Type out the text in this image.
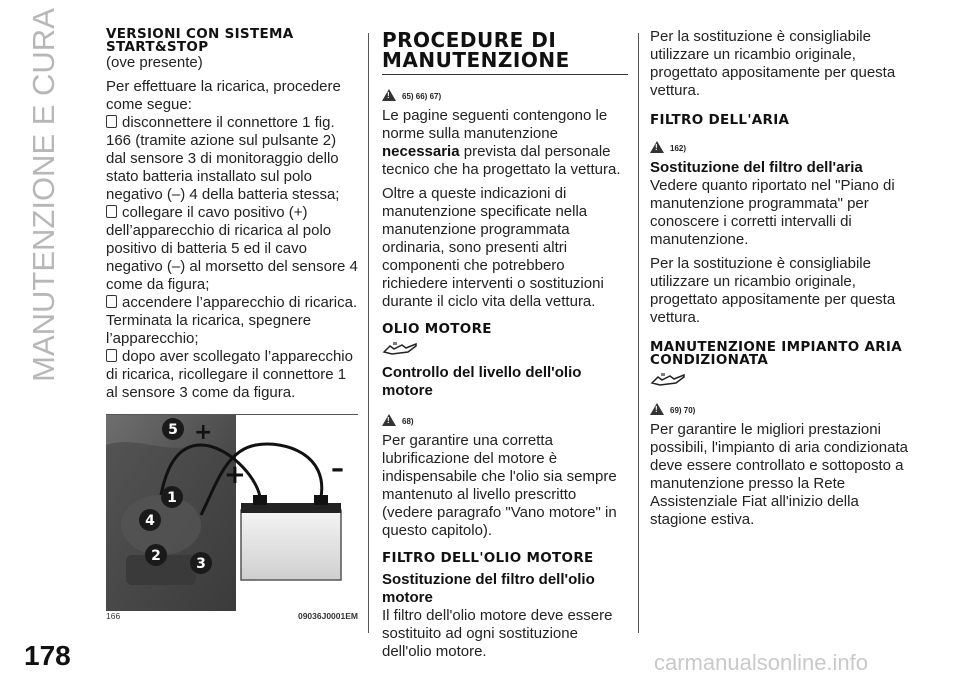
MANUTENZIONE E CURA	VERSIONI CON SISTEMA START&STOP

(ove presente)

Per effettuare la ricarica, procedere come segue:

disconnettere il connettore 1 fig. 166 (tramite azione sul pulsante 2) dal sensore 3 di monitoraggio dello stato batteria installato sul polo negativo (–) 4 della batteria stessa;

collegare il cavo positivo (+) dell’apparecchio di ricarica al polo positivo di batteria 5 ed il cavo negativo (–) al morsetto del sensore 4 come da figura;

accendere l’apparecchio di ricarica. Terminata la ricarica, spegnere l’apparecchio;

dopo aver scollegato l’apparecchio di ricarica, ricollegare il connettore 1 al sensore 3 come da figura.

+	–
+
5
1
4
2	3
166	09036J0001EM
PROCEDURE DI MANUTENZIONE
!
65) 66) 67)

Le pagine seguenti contengono le norme sulla manutenzione necessaria prevista dal personale tecnico che ha progettato la vettura.

Oltre a queste indicazioni di manutenzione specificate nella manutenzione programmata ordinaria, sono presenti altri componenti che potrebbero richiedere interventi o sostituzioni durante il ciclo vita della vettura.

OLIO MOTORE

Controllo del livello dell'olio motore

!
68)

Per garantire una corretta lubrificazione del motore è indispensabile che l'olio sia sempre mantenuto al livello prescritto (vedere paragrafo "Vano motore" in questo capitolo).

FILTRO DELL'OLIO MOTORE

Sostituzione del filtro dell'olio motore

Il filtro dell'olio motore deve essere sostituito ad ogni sostituzione dell'olio motore.

Per la sostituzione è consigliabile utilizzare un ricambio originale, progettato appositamente per questa vettura.

FILTRO DELL'ARIA
!
162)

Sostituzione del filtro dell'aria

Vedere quanto riportato nel "Piano di manutenzione programmata" per conoscere i corretti intervalli di manutenzione.

Per la sostituzione è consigliabile utilizzare un ricambio originale, progettato appositamente per questa vettura.

MANUTENZIONE IMPIANTO ARIA CONDIZIONATA
!
69) 70)

Per garantire le migliori prestazioni possibili, l'impianto di aria condizionata deve essere controllato e sottoposto a manutenzione presso la Rete Assistenziale Fiat all'inizio della stagione estiva.

178	carmanualsonline.info
